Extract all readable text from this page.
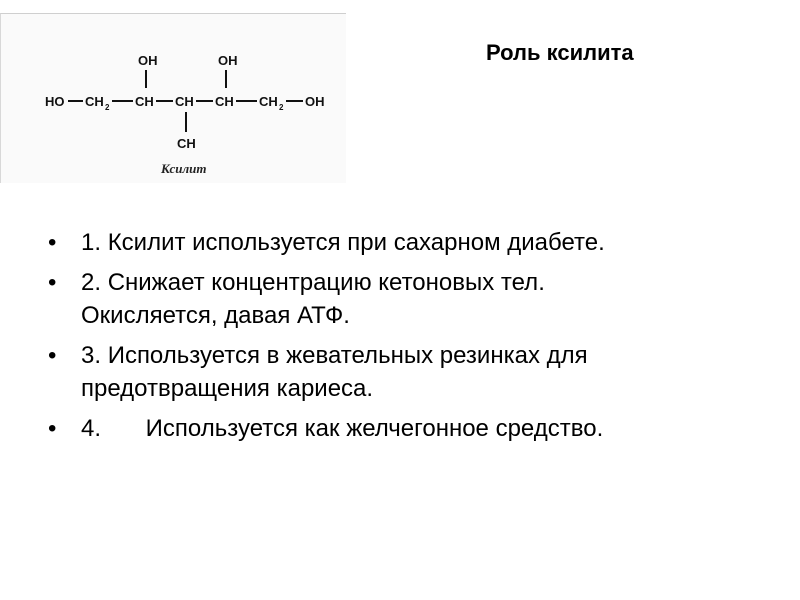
OH	OH
HO CH 2 CH CH CH CH 2 OH
CH
Ксилит
Роль ксилита
• 1. Ксилит используется при сахарном диабете.
• 2. Снижает концентрацию кетоновых тел.
Окисляется, давая АТФ.
• 3. Используется в жевательных резинках для
предотвращения кариеса.
• 4. Используется как желчегонное средство.
